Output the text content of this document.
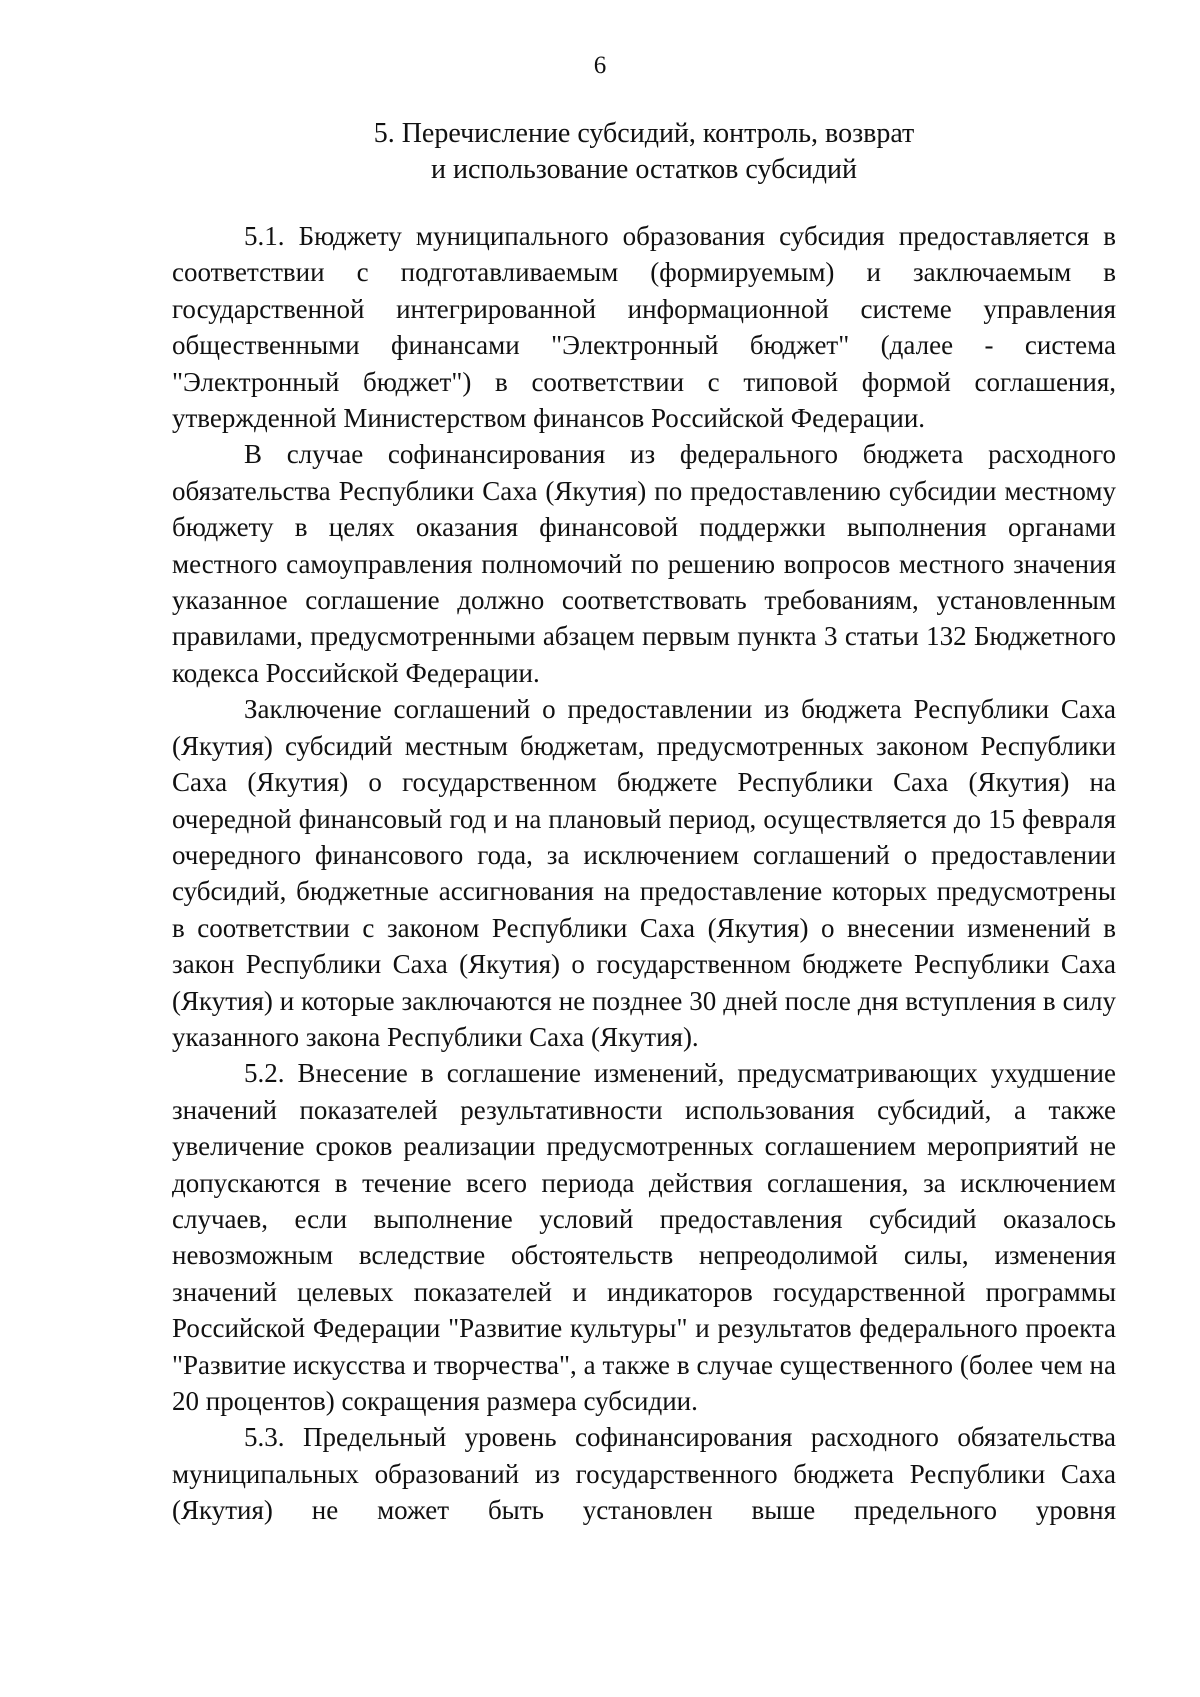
6
5. Перечисление субсидий, контроль, возврат
и использование остатков субсидий

5.1. Бюджету муниципального образования субсидия предоставляется в соответствии с подготавливаемым (формируемым) и заключаемым в государственной интегрированной информационной системе управления общественными финансами "Электронный бюджет" (далее - система "Электронный бюджет") в соответствии с типовой формой соглашения, утвержденной Министерством финансов Российской Федерации.

В случае софинансирования из федерального бюджета расходного обязательства Республики Саха (Якутия) по предоставлению субсидии местному бюджету в целях оказания финансовой поддержки выполнения органами местного самоуправления полномочий по решению вопросов местного значения указанное соглашение должно соответствовать требованиям, установленным правилами, предусмотренными абзацем первым пункта 3 статьи 132 Бюджетного кодекса Российской Федерации.

Заключение соглашений о предоставлении из бюджета Республики Саха (Якутия) субсидий местным бюджетам, предусмотренных законом Республики Саха (Якутия) о государственном бюджете Республики Саха (Якутия) на очередной финансовый год и на плановый период, осуществляется до 15 февраля очередного финансового года, за исключением соглашений о предоставлении субсидий, бюджетные ассигнования на предоставление которых предусмотрены в соответствии с законом Республики Саха (Якутия) о внесении изменений в закон Республики Саха (Якутия) о государственном бюджете Республики Саха (Якутия) и которые заключаются не позднее 30 дней после дня вступления в силу указанного закона Республики Саха (Якутия).

5.2. Внесение в соглашение изменений, предусматривающих ухудшение значений показателей результативности использования субсидий, а также увеличение сроков реализации предусмотренных соглашением мероприятий не допускаются в течение всего периода действия соглашения, за исключением случаев, если выполнение условий предоставления субсидий оказалось невозможным вследствие обстоятельств непреодолимой силы, изменения значений целевых показателей и индикаторов государственной программы Российской Федерации "Развитие культуры" и результатов федерального проекта "Развитие искусства и творчества", а также в случае существенного (более чем на 20 процентов) сокращения размера субсидии.

5.3. Предельный уровень софинансирования расходного обязательства муниципальных образований из государственного бюджета Республики Саха (Якутия) не может быть установлен выше предельного уровня
